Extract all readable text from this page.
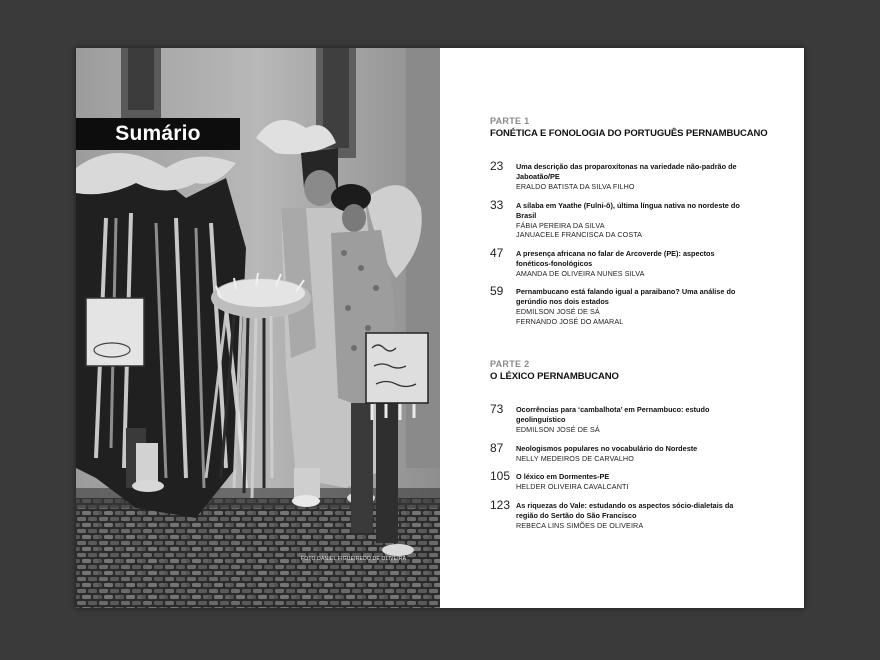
Sumário
FOTO DANIEL FIGUEIREDO DE OLIVEIRA
PARTE 1
FONÉTICA E FONOLOGIA DO PORTUGUÊS PERNAMBUCANO
23 Uma descrição das proparoxítonas na variedade não-padrão de Jaboatão/PE
ERALDO BATISTA DA SILVA FILHO
33 A sílaba em Yaathe (Fulni-ô), última língua nativa no nordeste do Brasil
FÁBIA PEREIRA DA SILVA
JANUACELE FRANCISCA DA COSTA
47 A presença africana no falar de Arcoverde (PE): aspectos fonéticos-fonológicos
AMANDA DE OLIVEIRA NUNES SILVA
59 Pernambucano está falando igual a paraibano? Uma análise do gerúndio nos dois estados
EDMILSON JOSÉ DE SÁ
FERNANDO JOSÉ DO AMARAL
PARTE 2
O LÉXICO PERNAMBUCANO
73 Ocorrências para ‘cambalhota’ em Pernambuco: estudo geolinguístico
EDMILSON JOSÉ DE SÁ
87 Neologismos populares no vocabulário do Nordeste
NELLY MEDEIROS DE CARVALHO
105 O léxico em Dormentes-PE
HELDER OLIVEIRA CAVALCANTI
123 As riquezas do Vale: estudando os aspectos sócio-dialetais da região do Sertão do São Francisco
REBECA LINS SIMÕES DE OLIVEIRA
